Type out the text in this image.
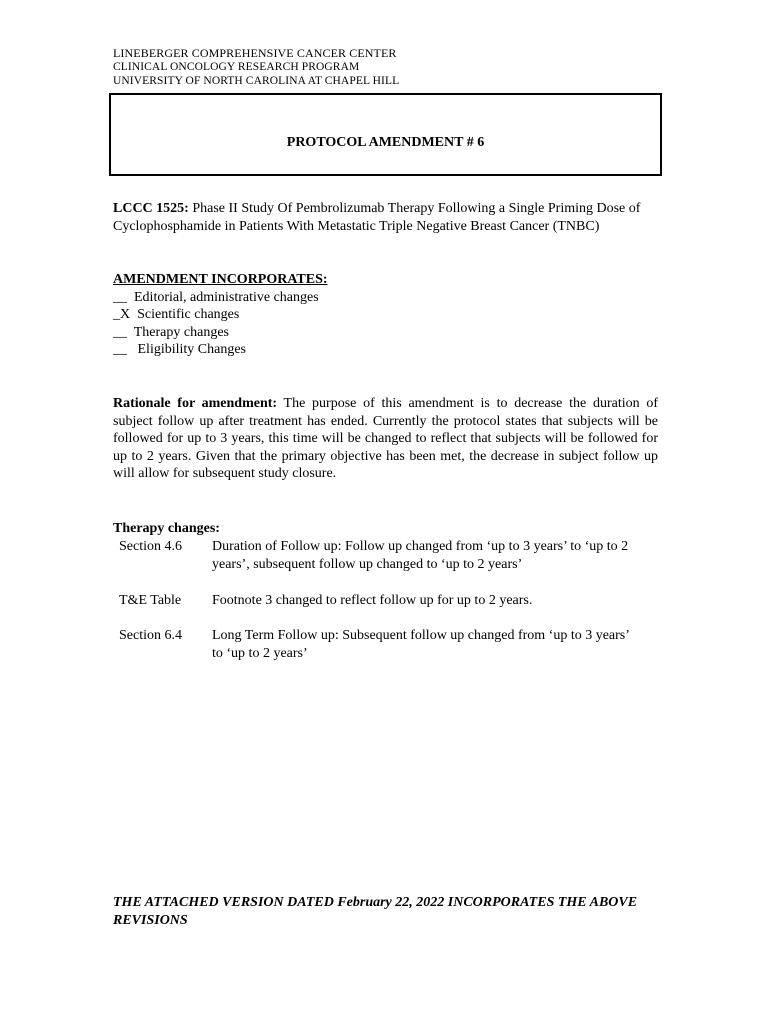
LINEBERGER COMPREHENSIVE CANCER CENTER
CLINICAL ONCOLOGY RESEARCH PROGRAM
UNIVERSITY OF NORTH CAROLINA AT CHAPEL HILL
PROTOCOL AMENDMENT # 6
LCCC 1525: Phase II Study Of Pembrolizumab Therapy Following a Single Priming Dose of Cyclophosphamide in Patients With Metastatic Triple Negative Breast Cancer (TNBC)
AMENDMENT INCORPORATES:
__  Editorial, administrative changes
_X  Scientific changes
__  Therapy changes
__   Eligibility Changes
Rationale for amendment: The purpose of this amendment is to decrease the duration of subject follow up after treatment has ended. Currently the protocol states that subjects will be followed for up to 3 years, this time will be changed to reflect that subjects will be followed for up to 2 years. Given that the primary objective has been met, the decrease in subject follow up will allow for subsequent study closure.
Therapy changes:
Section 4.6 Duration of Follow up: Follow up changed from ‘up to 3 years’ to ‘up to 2 years’, subsequent follow up changed to ‘up to 2 years’
T&E Table Footnote 3 changed to reflect follow up for up to 2 years.
Section 6.4 Long Term Follow up: Subsequent follow up changed from ‘up to 3 years’ to ‘up to 2 years’
THE ATTACHED VERSION DATED February 22, 2022 INCORPORATES THE ABOVE REVISIONS
